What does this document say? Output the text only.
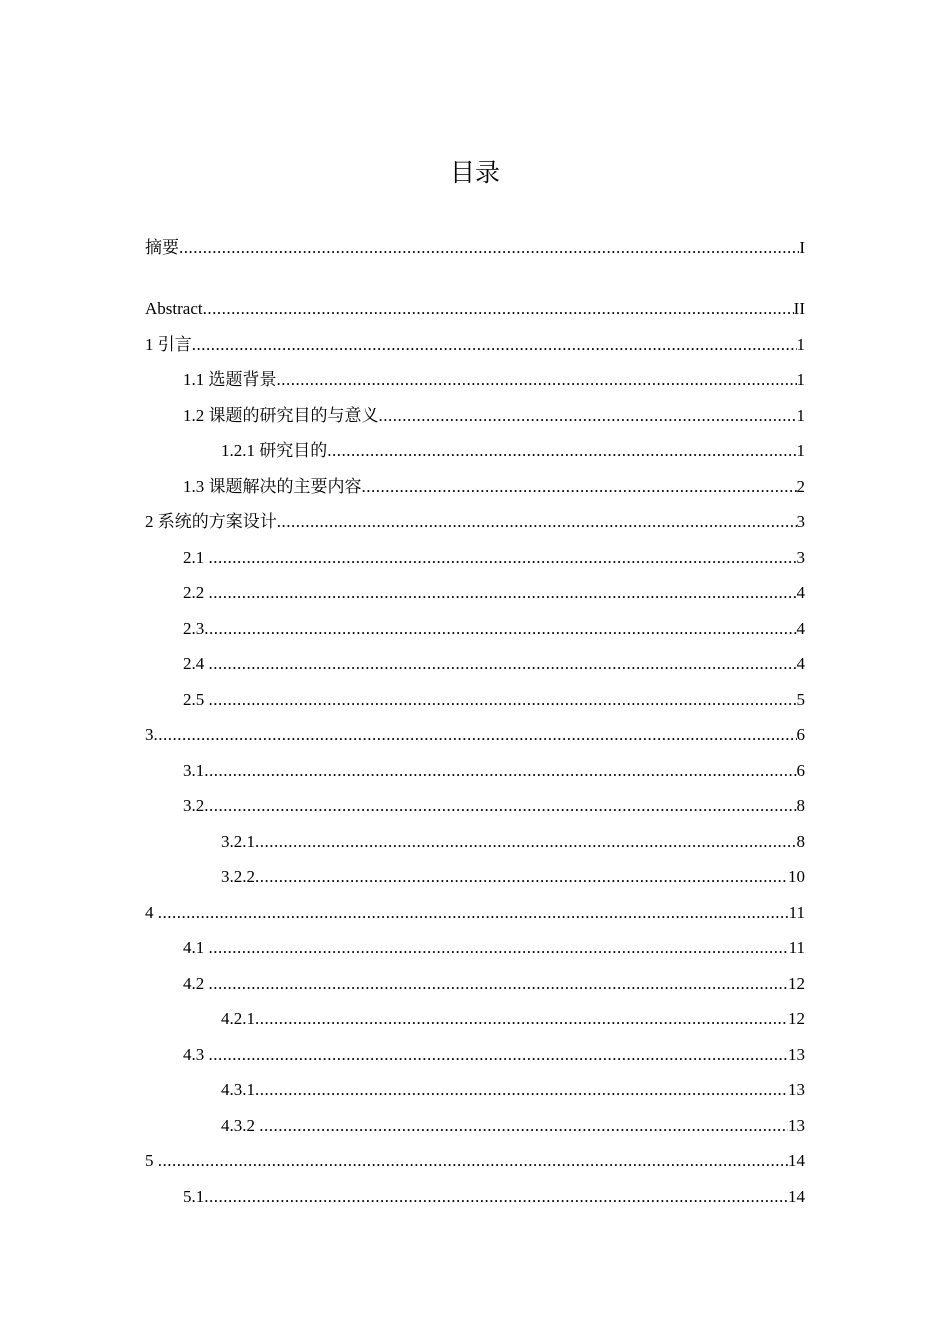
目录
摘要 .....	I
Abstract .....	II
1 引言 .....	1
1.1 选题背景 .....	1
1.2 课题的研究目的与意义 .....	1
1.2.1 研究目的 .....	1
1.3 课题解决的主要内容 .....	2
2 系统的方案设计 .....	3
2.1 .....	3
2.2 .....	4
2.3 .....	4
2.4 .....	4
2.5 .....	5
3 .....	6
3.1 .....	6
3.2 .....	8
3.2.1 .....	8
3.2.2 .....	10
4 .....	11
4.1 .....	11
4.2 .....	12
4.2.1 .....	12
4.3 .....	13
4.3.1 .....	13
4.3.2 .....	13
5 .....	14
5.1 .....	14
